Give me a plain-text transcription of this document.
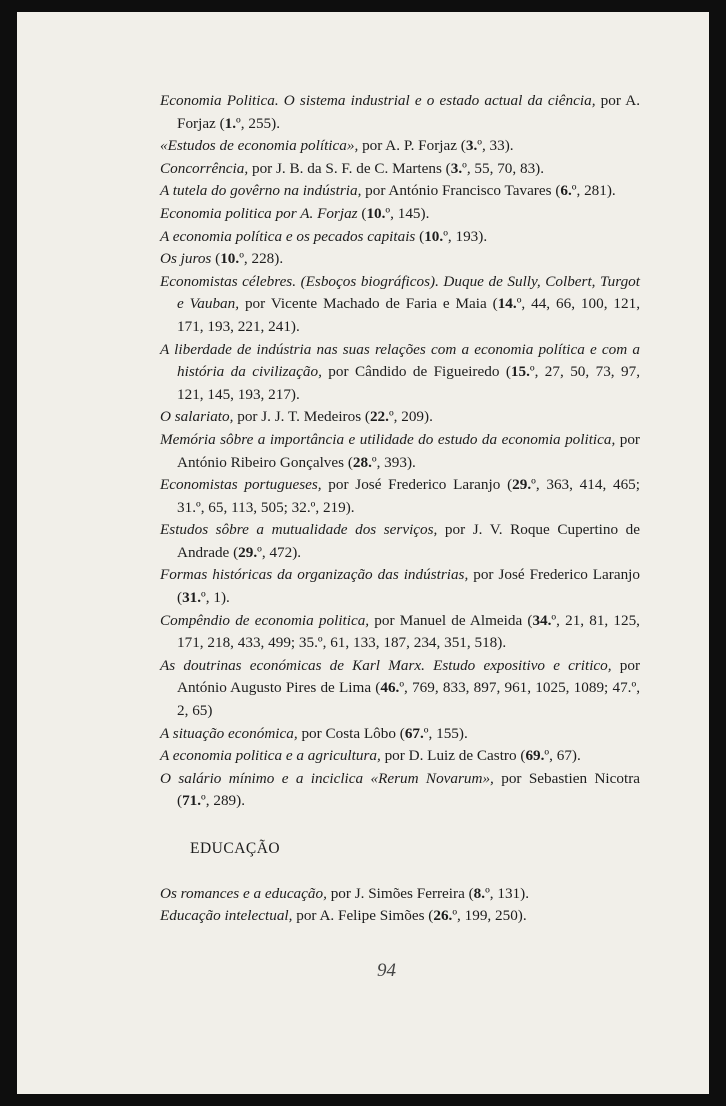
Economia Politica. O sistema industrial e o estado actual da ciência, por A. Forjaz (1.º, 255).
«Estudos de economia política», por A. P. Forjaz (3.º, 33).
Concorrência, por J. B. da S. F. de C. Martens (3.º, 55, 70, 83).
A tutela do govêrno na indústria, por António Francisco Tavares (6.º, 281).
Economia politica por A. Forjaz (10.º, 145).
A economia política e os pecados capitais (10.º, 193).
Os juros (10.º, 228).
Economistas célebres. (Esboços biográficos). Duque de Sully, Colbert, Turgot e Vauban, por Vicente Machado de Faria e Maia (14.º, 44, 66, 100, 121, 171, 193, 221, 241).
A liberdade de indústria nas suas relações com a economia política e com a história da civilização, por Cândido de Figueiredo (15.º, 27, 50, 73, 97, 121, 145, 193, 217).
O salariato, por J. J. T. Medeiros (22.º, 209).
Memória sôbre a importância e utilidade do estudo da economia politica, por António Ribeiro Gonçalves (28.º, 393).
Economistas portugueses, por José Frederico Laranjo (29.º, 363, 414, 465; 31.º, 65, 113, 505; 32.º, 219).
Estudos sôbre a mutualidade dos serviços, por J. V. Roque Cupertino de Andrade (29.º, 472).
Formas históricas da organização das indústrias, por José Frederico Laranjo (31.º, 1).
Compêndio de economia politica, por Manuel de Almeida (34.º, 21, 81, 125, 171, 218, 433, 499; 35.º, 61, 133, 187, 234, 351, 518).
As doutrinas económicas de Karl Marx. Estudo expositivo e critico, por António Augusto Pires de Lima (46.º, 769, 833, 897, 961, 1025, 1089; 47.º, 2, 65)
A situação económica, por Costa Lôbo (67.º, 155).
A economia politica e a agricultura, por D. Luiz de Castro (69.º, 67).
O salário mínimo e a inciclica «Rerum Novarum», por Sebastien Nicotra (71.º, 289).
EDUCAÇÃO
Os romances e a educação, por J. Simões Ferreira (8.º, 131).
Educação intelectual, por A. Felipe Simões (26.º, 199, 250).
94
